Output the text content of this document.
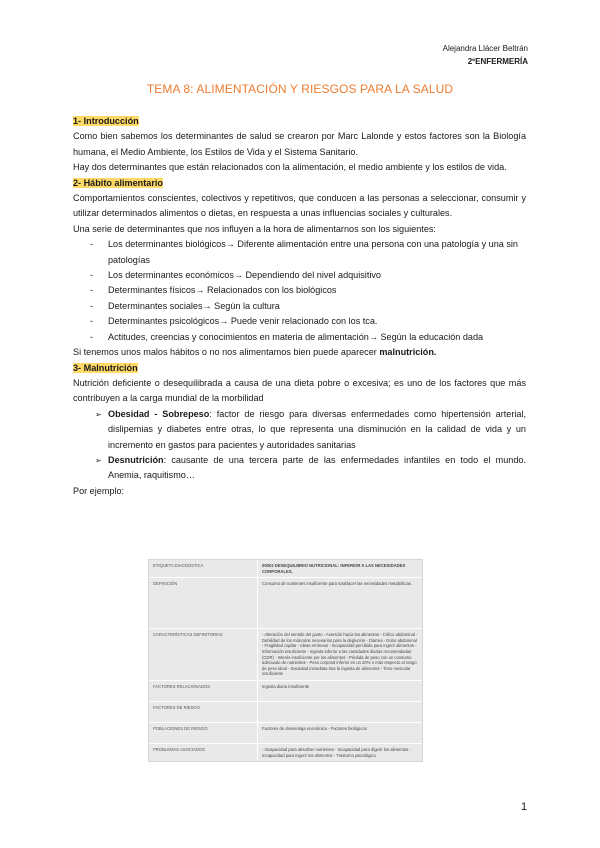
Alejandra Llácer Beltrán
2ºENFERMERÍA
TEMA 8: ALIMENTACIÓN Y RIESGOS PARA LA SALUD

1- Introducción

Como bien sabemos los determinantes de salud se crearon por Marc Lalonde y estos factores son la Biología humana, el Medio Ambiente, los Estilos de Vida y el Sistema Sanitario.

Hay dos determinantes que están relacionados con la alimentación, el medio ambiente y los estilos de vida.

2- Hábito alimentario

Comportamientos conscientes, colectivos y repetitivos, que conducen a las personas a seleccionar, consumir y utilizar determinados alimentos o dietas, en respuesta a unas influencias sociales y culturales.

Una serie de determinantes que nos influyen a la hora de alimentarnos son los siguientes:

- Los determinantes biológicos→ Diferente alimentación entre una persona con una patología y una sin patologías
- Los determinantes económicos→ Dependiendo del nivel adquisitivo
- Determinantes físicos→ Relacionados con los biológicos
- Determinantes sociales→ Según la cultura
- Determinantes psicológicos→ Puede venir relacionado con los tca.
- Actitudes, creencias y conocimientos en materia de alimentación→ Según la educación dada

Si tenemos unos malos hábitos o no nos alimentamos bien puede aparecer malnutrición.

3- Malnutrición

Nutrición deficiente o desequilibrada a causa de una dieta pobre o excesiva; es uno de los factores que más contribuyen a la carga mundial de la morbilidad

➢ Obesidad - Sobrepeso: factor de riesgo para diversas enfermedades como hipertensión arterial, dislipemias y diabetes entre otras, lo que representa una disminución en la calidad de vida y un incremento en gastos para pacientes y autoridades sanitarias
➢ Desnutrición: causante de una tercera parte de las enfermedades infantiles en todo el mundo. Anemia, raquitismo…

Por ejemplo:

ETIQUETA DIAGNÓSTICA	00002 DESEQUILIBRIO NUTRICIONAL: INFERIOR A LAS NECESIDADES CORPORALES.
DEFINICIÓN	Consumo de nutrientes insuficiente para satisfacer las necesidades metabólicas.
CARACTERÍSTICAS DEFINITORIAS	- Alteración del sentido del gusto - Aversión hacia los alimentos - Cólico abdominal - Debilidad de los músculos necesarios para la deglución - Diarrea - Dolor abdominal - Fragilidad capilar - Ideas erróneas - Incapacidad percibida para ingerir alimentos - Información insuficiente - Ingesta inferior a las cantidades diarias recomendadas (CDR) - Interés insuficiente por los alimentos - Pérdida de peso con un consumo adecuado de nutrientes - Peso corporal inferior en un 20% o más respecto al rango de peso ideal - Saciedad inmediata tras la ingesta de alimentos - Tono muscular insuficiente
FACTORES RELACIONADOS	Ingesta diaria insuficiente
FACTORES DE RIESGO
POBLACIONES DE RIESGO	Factores de desventaja económica - Factores biológicos
PROBLEMAS ASOCIADOS	- Incapacidad para absorber nutrientes - Incapacidad para digerir los alimentos - Incapacidad para ingerir los alimentos - Trastorno psicológico
1
